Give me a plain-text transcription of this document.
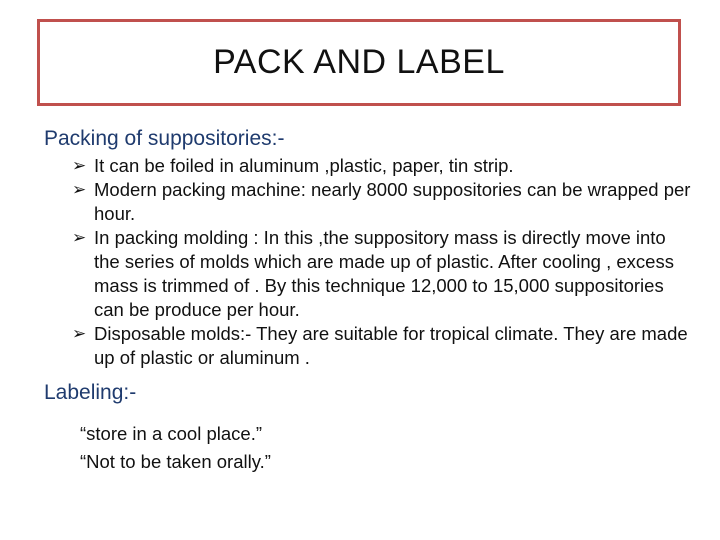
PACK AND LABEL
Packing of suppositories:-
➢ It can be foiled in aluminum ,plastic, paper, tin strip.
➢ Modern packing machine: nearly 8000 suppositories can be wrapped per hour.
➢ In packing molding : In this ,the suppository mass is directly move into the series of molds which are made up of plastic. After cooling , excess mass is trimmed of . By this technique 12,000 to 15,000 suppositories can be produce per hour.
➢ Disposable molds:- They are suitable for tropical climate. They are made up of plastic or aluminum .
Labeling:-
“store in a cool place.”
“Not to be taken orally.”
